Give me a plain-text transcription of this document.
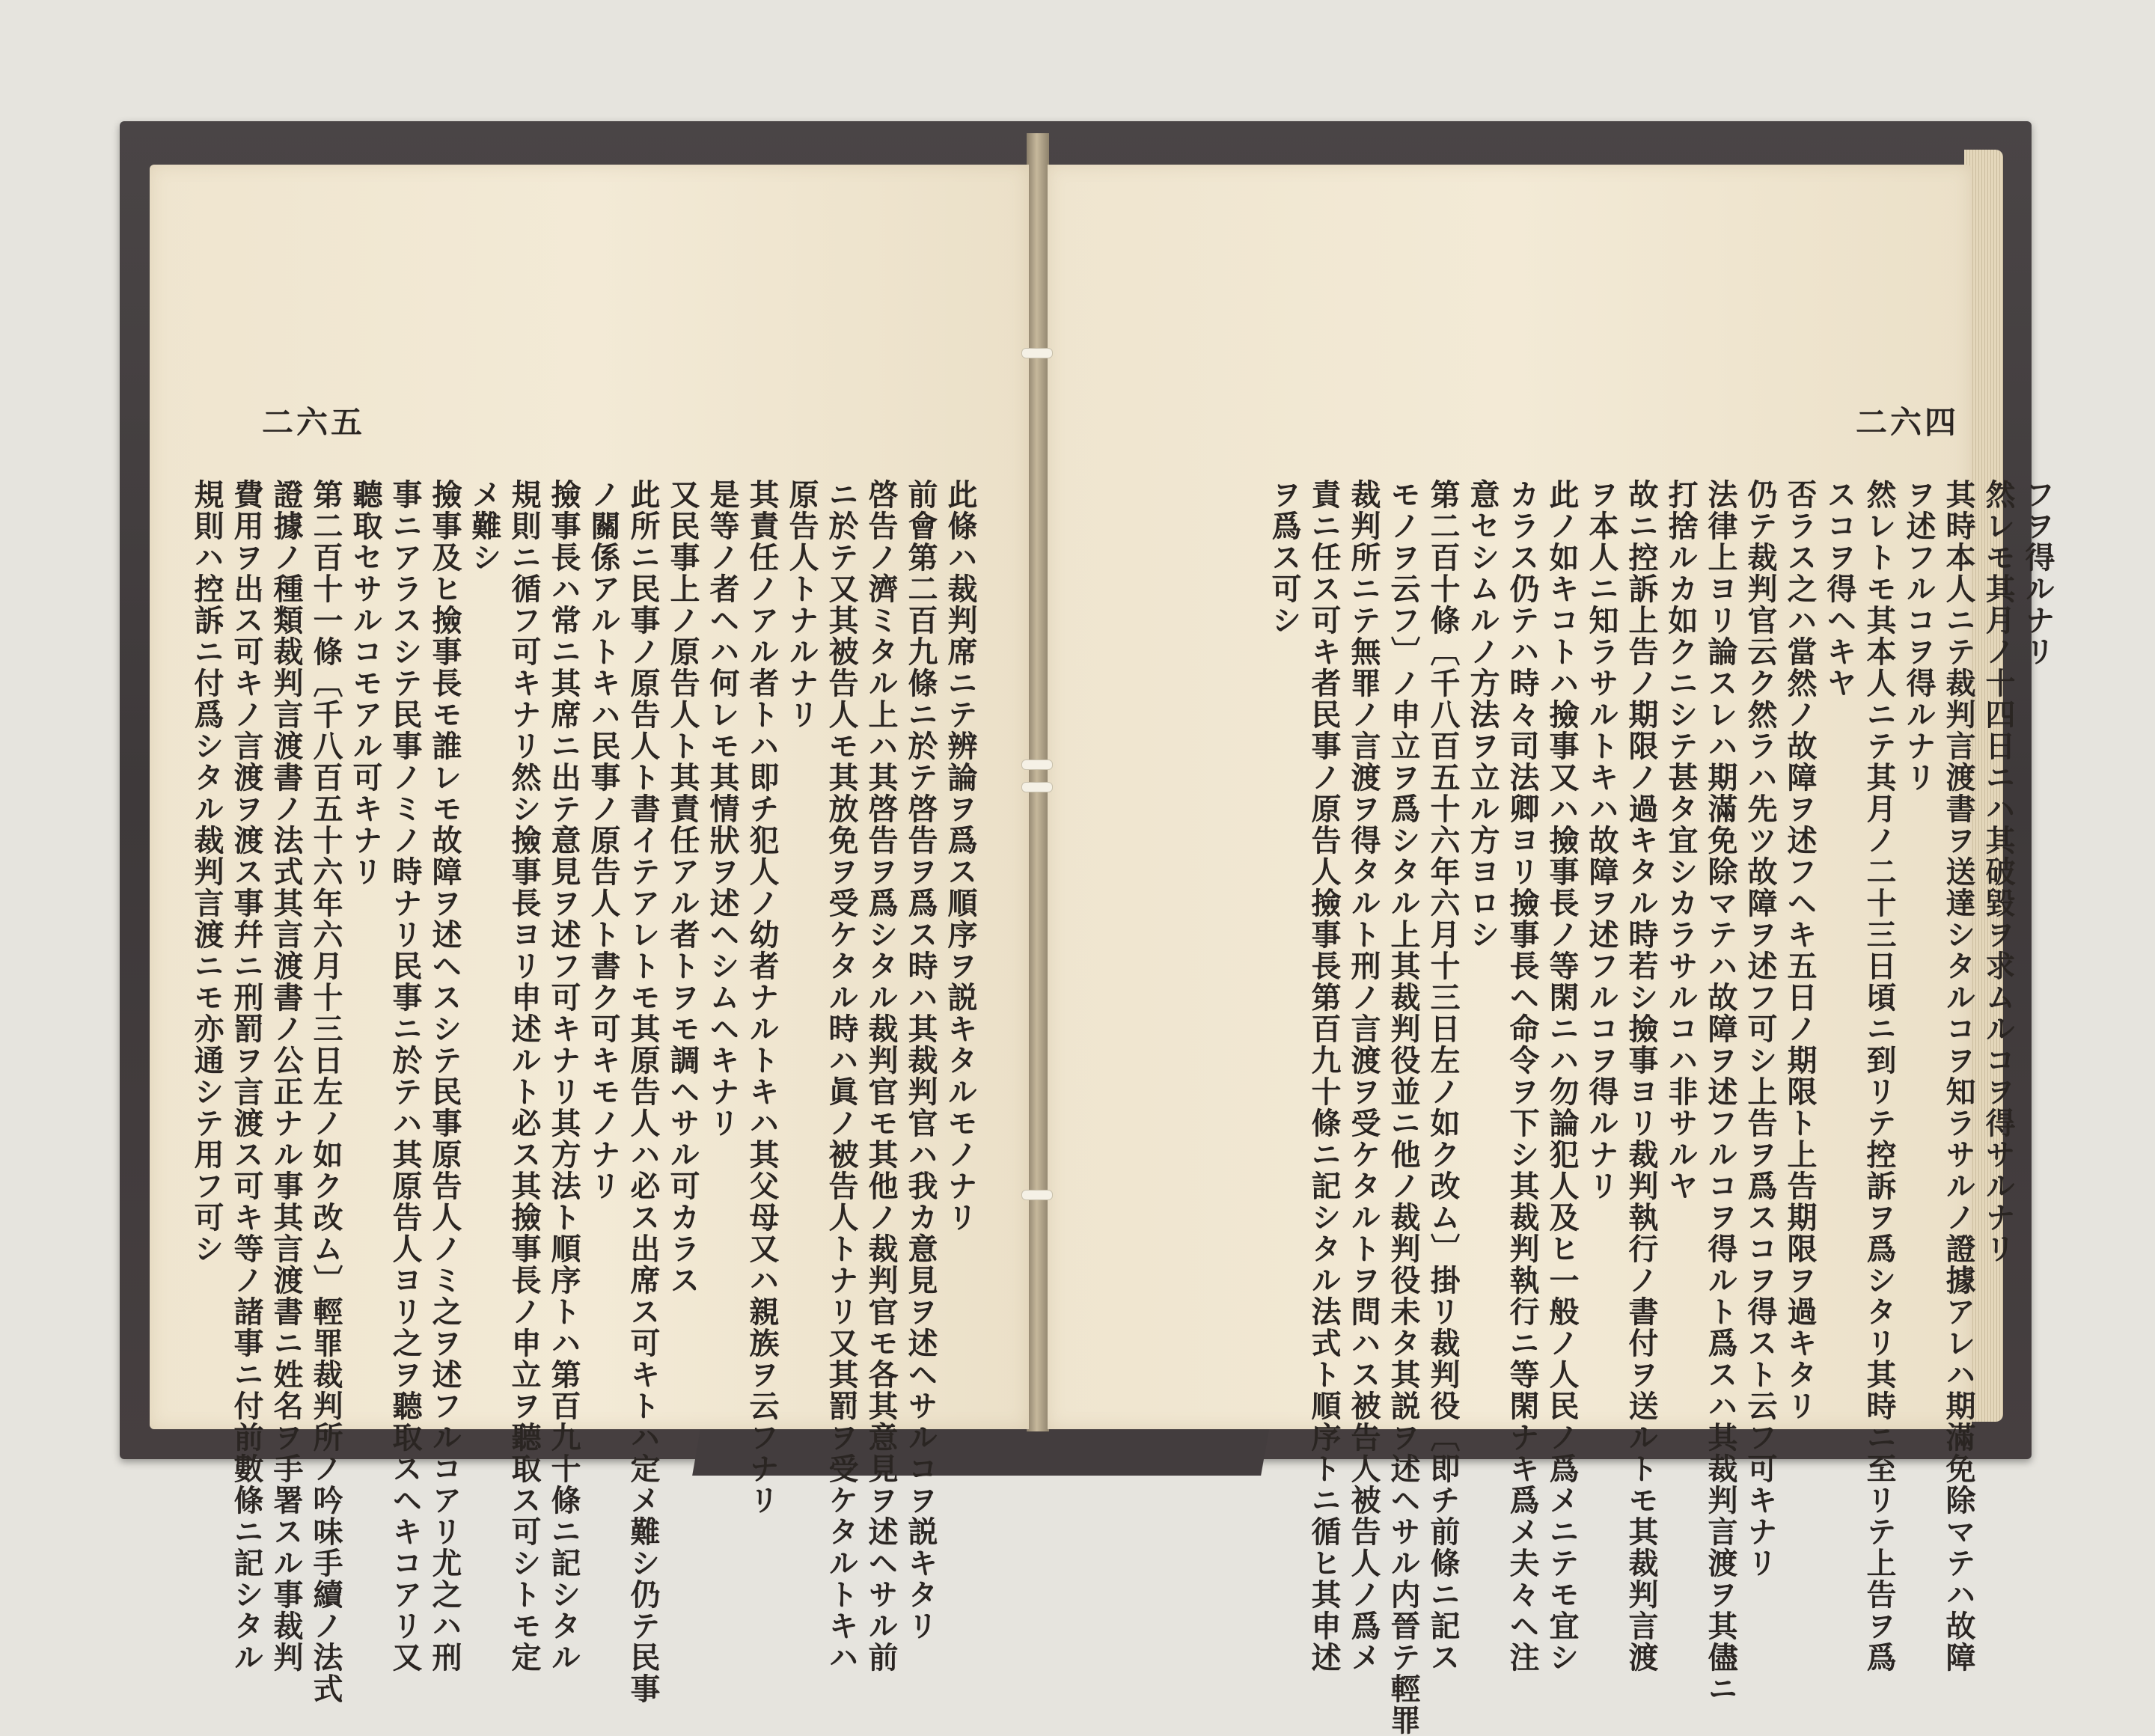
二六五
此條ハ裁判席ニテ辨論ヲ爲ス順序ヲ説キタルモノナリ
前會第二百九條ニ於テ啓告ヲ爲ス時ハ其裁判官ハ我カ意見ヲ述ヘサルコヲ説キタリ
啓告ノ濟ミタル上ハ其啓告ヲ爲シタル裁判官モ其他ノ裁判官モ各其意見ヲ述ヘサル前
ニ於テ又其被告人モ其放免ヲ受ケタル時ハ眞ノ被告人トナリ又其罰ヲ受ケタルトキハ
原告人トナルナリ
其責任ノアル者トハ即チ犯人ノ幼者ナルトキハ其父母又ハ親族ヲ云フナリ
是等ノ者ヘハ何レモ其情狀ヲ述ヘシムヘキナリ
又民事上ノ原告人ト其責任アル者トヲモ調ヘサル可カラス
此所ニ民事ノ原告人ト書イテアレトモ其原告人ハ必ス出席ス可キトハ定メ難シ仍テ民事
ノ關係アルトキハ民事ノ原告人ト書ク可キモノナリ
撿事長ハ常ニ其席ニ出テ意見ヲ述フ可キナリ其方法ト順序トハ第百九十條ニ記シタル
規則ニ循フ可キナリ然シ撿事長ヨリ申述ルト必ス其撿事長ノ申立ヲ聽取ス可シトモ定
メ難シ
撿事及ヒ撿事長モ誰レモ故障ヲ述ヘスシテ民事原告人ノミ之ヲ述フルコアリ尤之ハ刑
事ニアラスシテ民事ノミノ時ナリ民事ニ於テハ其原告人ヨリ之ヲ聽取スヘキコアリ又
聽取セサルコモアル可キナリ
第二百十一條〔千八百五十六年六月十三日左ノ如ク改ム〕輕罪裁判所ノ吟味手續ノ法式
證據ノ種類裁判言渡書ノ法式其言渡書ノ公正ナル事其言渡書ニ姓名ヲ手署スル事裁判
費用ヲ出ス可キノ言渡ヲ渡ス事幷ニ刑罰ヲ言渡ス可キ等ノ諸事ニ付前數條ニ記シタル
規則ハ控訴ニ付爲シタル裁判言渡ニモ亦通シテ用フ可シ
二六四
フヲ得ルナリ
然レモ其月ノ十四日ニハ其破毀ヲ求ムルコヲ得サルナリ
其時本人ニテ裁判言渡書ヲ送達シタルコヲ知ラサルノ證據アレハ期滿免除マテハ故障
ヲ述フルコヲ得ルナリ
然レトモ其本人ニテ其月ノ二十三日頃ニ到リテ控訴ヲ爲シタリ其時ニ至リテ上告ヲ爲
スコヲ得ヘキヤ
否ラス之ハ當然ノ故障ヲ述フヘキ五日ノ期限ト上告期限ヲ過キタリ
仍テ裁判官云ク然ラハ先ツ故障ヲ述フ可シ上告ヲ爲スコヲ得スト云フ可キナリ
法律上ヨリ論スレハ期滿免除マテハ故障ヲ述フルコヲ得ルト爲スハ其裁判言渡ヲ其儘ニ
打捨ルカ如クニシテ甚タ宜シカラサルコハ非サルヤ
故ニ控訴上告ノ期限ノ過キタル時若シ撿事ヨリ裁判執行ノ書付ヲ送ルトモ其裁判言渡
ヲ本人ニ知ラサルトキハ故障ヲ述フルコヲ得ルナリ
此ノ如キコトハ撿事又ハ撿事長ノ等閑ニハ勿論犯人及ヒ一般ノ人民ノ爲メニテモ宜シ
カラス仍テハ時々司法卿ヨリ撿事長ヘ命令ヲ下シ其裁判執行ニ等閑ナキ爲メ夫々ヘ注
意セシムルノ方法ヲ立ル方ヨロシ
第二百十條〔千八百五十六年六月十三日左ノ如ク改ム〕掛リ裁判役〔即チ前條ニ記ス
モノヲ云フ〕ノ申立ヲ爲シタル上其裁判役並ニ他ノ裁判役未タ其説ヲ述ヘサル内晉テ輕罪
裁判所ニテ無罪ノ言渡ヲ得タルト刑ノ言渡ヲ受ケタルトヲ問ハス被告人被告人ノ爲メ
責ニ任ス可キ者民事ノ原告人撿事長第百九十條ニ記シタル法式ト順序トニ循ヒ其申述
ヲ爲ス可シ
